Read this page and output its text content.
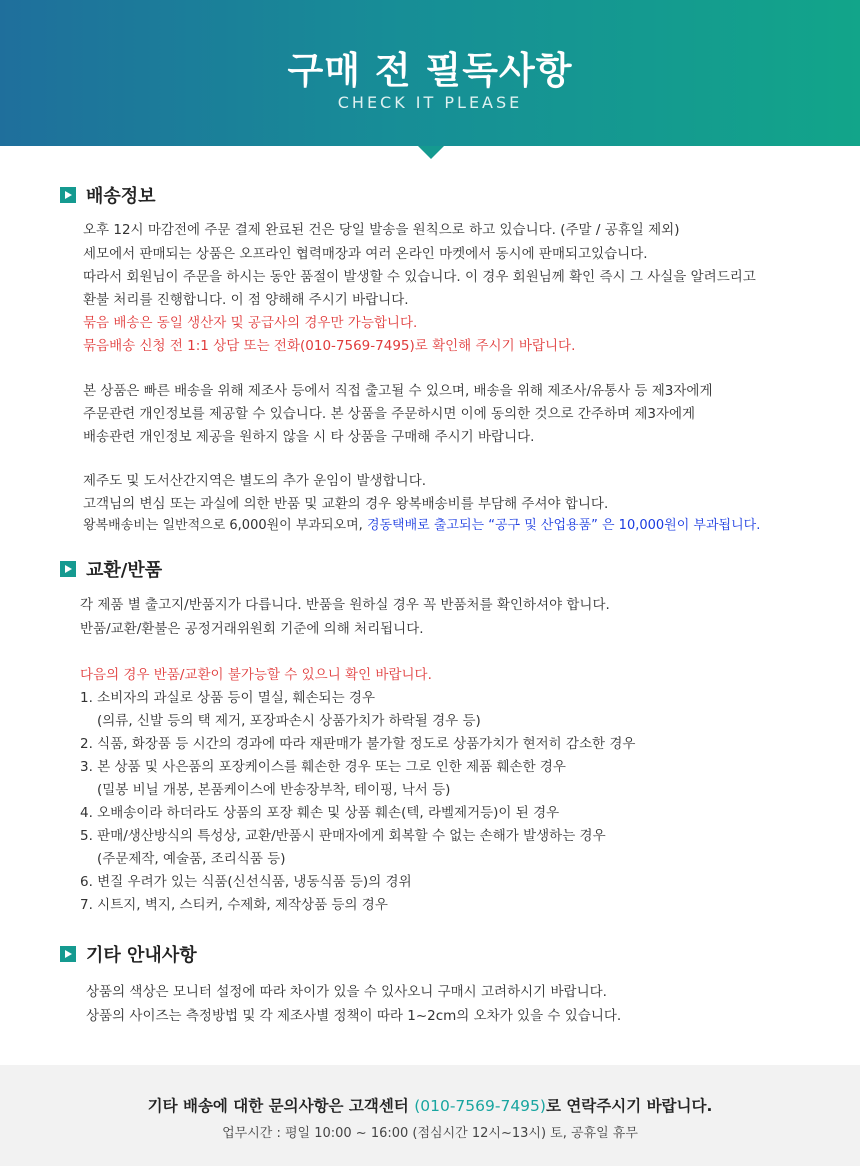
구매 전 필독사항
CHECK IT PLEASE
배송정보
오후 12시 마감전에 주문 결제 완료된 건은 당일 발송을 원칙으로 하고 있습니다. (주말 / 공휴일 제외)
세모에서 판매되는 상품은 오프라인 협력매장과 여러 온라인 마켓에서 동시에 판매되고있습니다.
따라서 회원님이 주문을 하시는 동안 품절이 발생할 수 있습니다. 이 경우 회원님께 확인 즉시 그 사실을 알려드리고
환불 처리를 진행합니다. 이 점 양해해 주시기 바랍니다.
묶음 배송은 동일 생산자 및 공급사의 경우만 가능합니다.
묶음배송 신청 전 1:1 상담 또는 전화(010-7569-7495)로 확인해 주시기 바랍니다.
본 상품은 빠른 배송을 위해 제조사 등에서 직접 출고될 수 있으며, 배송을 위해 제조사/유통사 등 제3자에게
주문관련 개인정보를 제공할 수 있습니다. 본 상품을 주문하시면 이에 동의한 것으로 간주하며 제3자에게
배송관련 개인정보 제공을 원하지 않을 시 타 상품을 구매해 주시기 바랍니다.
제주도 및 도서산간지역은 별도의 추가 운임이 발생합니다.
고객님의 변심 또는 과실에 의한 반품 및 교환의 경우 왕복배송비를 부담해 주셔야 합니다.
왕복배송비는 일반적으로 6,000원이 부과되오며, 경동택배로 출고되는 “공구 및 산업용품” 은 10,000원이 부과됩니다.
교환/반품
각 제품 별 출고지/반품지가 다릅니다. 반품을 원하실 경우 꼭 반품처를 확인하셔야 합니다.
반품/교환/환불은 공정거래위원회 기준에 의해 처리됩니다.
다음의 경우 반품/교환이 불가능할 수 있으니 확인 바랍니다.
1. 소비자의 과실로 상품 등이 멸실, 훼손되는 경우
(의류, 신발 등의 택 제거, 포장파손시 상품가치가 하락될 경우 등)
2. 식품, 화장품 등 시간의 경과에 따라 재판매가 불가할 정도로 상품가치가 현저히 감소한 경우
3. 본 상품 및 사은품의 포장케이스를 훼손한 경우 또는 그로 인한 제품 훼손한 경우
(밀봉 비닐 개봉, 본품케이스에 반송장부착, 테이핑, 낙서 등)
4. 오배송이라 하더라도 상품의 포장 훼손 및 상품 훼손(텍, 라벨제거등)이 된 경우
5. 판매/생산방식의 특성상, 교환/반품시 판매자에게 회복할 수 없는 손해가 발생하는 경우
(주문제작, 예술품, 조리식품 등)
6. 변질 우려가 있는 식품(신선식품, 냉동식품 등)의 경위
7. 시트지, 벽지, 스티커, 수제화, 제작상품 등의 경우
기타 안내사항
상품의 색상은 모니터 설정에 따라 차이가 있을 수 있사오니 구매시 고려하시기 바랍니다.
상품의 사이즈는 측정방법 및 각 제조사별 정책이 따라 1~2cm의 오차가 있을 수 있습니다.
기타 배송에 대한 문의사항은 고객센터 (010-7569-7495)로 연락주시기 바랍니다.
업무시간 : 평일 10:00 ~ 16:00 (점심시간 12시~13시) 토, 공휴일 휴무
